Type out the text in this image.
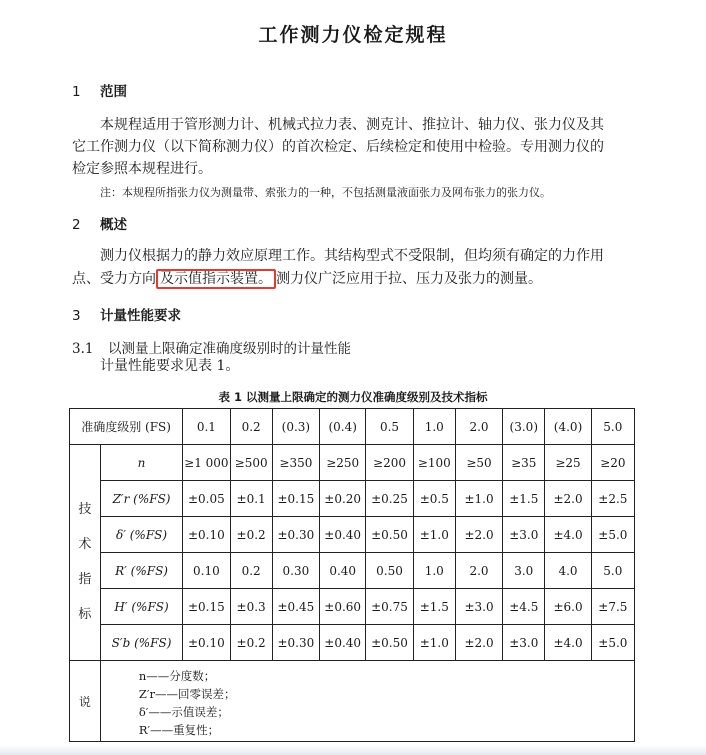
工作测力仪检定规程
1 范围
本规程适用于管形测力计、机械式拉力表、测克计、推拉计、轴力仪、张力仪及其
它工作测力仪（以下简称测力仪）的首次检定、后续检定和使用中检验。专用测力仪的
检定参照本规程进行。
注：本规程所指张力仪为测量带、索张力的一种，不包括测量液面张力及网布张力的张力仪。
2 概述
测力仪根据力的静力效应原理工作。其结构型式不受限制，但均须有确定的力作用
点、受力方向 及示值指示装置。 测力仪广泛应用于拉、压力及张力的测量。
3 计量性能要求
3.1 以测量上限确定准确度级别时的计量性能
计量性能要求见表 1。
表 1 以测量上限确定的测力仪准确度级别及技术指标
准确度级别 (FS)		0.1	0.2	(0.3)	(0.4)	0.5	1.0	2.0	(3.0)	(4.0)	5.0

技
术
指
标	n	≥1 000	≥500	≥350	≥250	≥200	≥100	≥50	≥35	≥25	≥20
	Z′r (%FS)	±0.05	±0.1	±0.15	±0.20	±0.25	±0.5	±1.0	±1.5	±2.0	±2.5
	δ′ (%FS)	±0.10	±0.2	±0.30	±0.40	±0.50	±1.0	±2.0	±3.0	±4.0	±5.0
	R′ (%FS)	0.10	0.2	0.30	0.40	0.50	1.0	2.0	3.0	4.0	5.0
	H′ (%FS)	±0.15	±0.3	±0.45	±0.60	±0.75	±1.5	±3.0	±4.5	±6.0	±7.5
	S′b (%FS)	±0.10	±0.2	±0.30	±0.40	±0.50	±1.0	±2.0	±3.0	±4.0	±5.0
说	n——分度数；
Z′r——回零误差；
δ′——示值误差；
R′——重复性；										
